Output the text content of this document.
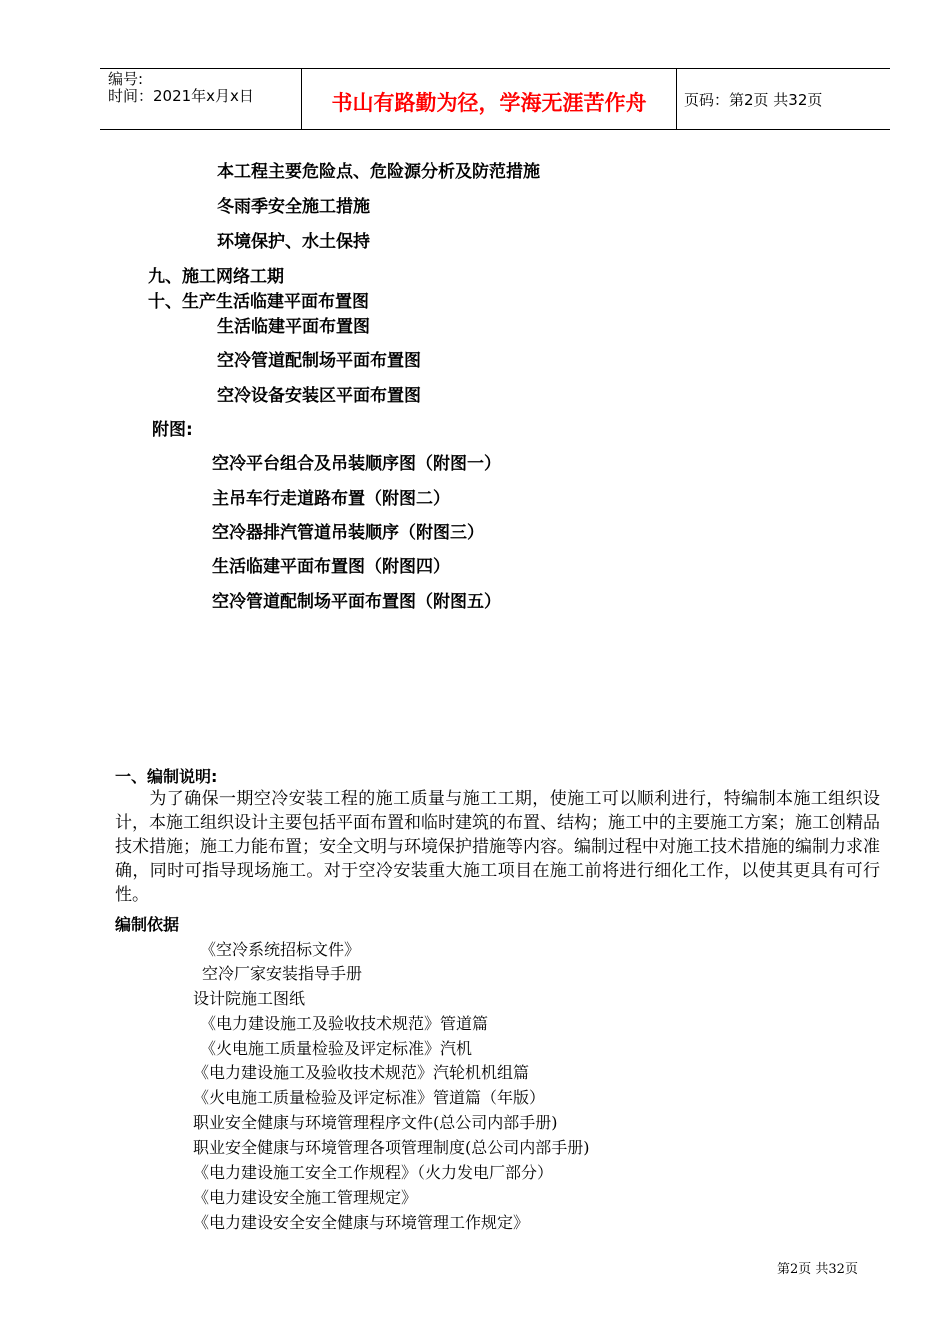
编号:
时间：2021年x月x日	书山有路勤为径，学海无涯苦作舟	页码：第2页 共32页
本工程主要危险点、危险源分析及防范措施
冬雨季安全施工措施
环境保护、水土保持
九、施工网络工期
十、生产生活临建平面布置图
生活临建平面布置图
空冷管道配制场平面布置图
空冷设备安装区平面布置图
附图:
空冷平台组合及吊装顺序图（附图一）
主吊车行走道路布置（附图二）
空冷器排汽管道吊装顺序（附图三）
生活临建平面布置图（附图四）
空冷管道配制场平面布置图（附图五）
一、编制说明:
为了确保一期空冷安装工程的施工质量与施工工期，使施工可以顺利进行，特编制本施工组织设计，本施工组织设计主要包括平面布置和临时建筑的布置、结构；施工中的主要施工方案；施工创精品技术措施；施工力能布置；安全文明与环境保护措施等内容。编制过程中对施工技术措施的编制力求准确，同时可指导现场施工。对于空冷安装重大施工项目在施工前将进行细化工作，以使其更具有可行性。
编制依据
《空冷系统招标文件》
空冷厂家安装指导手册
设计院施工图纸
《电力建设施工及验收技术规范》管道篇
《火电施工质量检验及评定标准》汽机
《电力建设施工及验收技术规范》汽轮机机组篇
《火电施工质量检验及评定标准》管道篇（年版）
职业安全健康与环境管理程序文件(总公司内部手册)
职业安全健康与环境管理各项管理制度(总公司内部手册)
《电力建设施工安全工作规程》（火力发电厂部分）
《电力建设安全施工管理规定》
《电力建设安全安全健康与环境管理工作规定》
第2页 共32页
